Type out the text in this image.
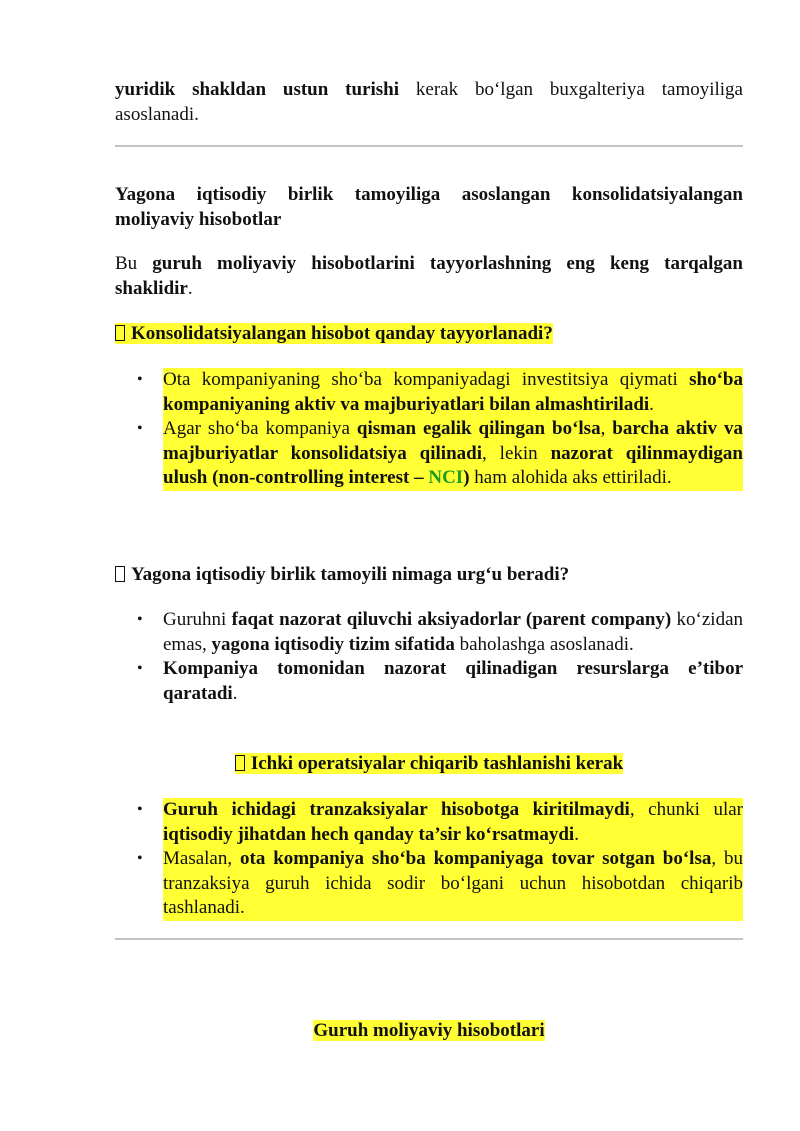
yuridik shakldan ustun turishi kerak bo‘lgan buxgalteriya tamoyiliga asoslanadi.
Yagona iqtisodiy birlik tamoyiliga asoslangan konsolidatsiyalangan moliyaviy hisobotlar
Bu guruh moliyaviy hisobotlarini tayyorlashning eng keng tarqalgan shaklidir.
Konsolidatsiyalangan hisobot qanday tayyorlanadi?
• Ota kompaniyaning sho‘ba kompaniyadagi investitsiya qiymati sho‘ba kompaniyaning aktiv va majburiyatlari bilan almashtiriladi.
• Agar sho‘ba kompaniya qisman egalik qilingan bo‘lsa, barcha aktiv va majburiyatlar konsolidatsiya qilinadi, lekin nazorat qilinmaydigan ulush (non-controlling interest – NCI) ham alohida aks ettiriladi.
Yagona iqtisodiy birlik tamoyili nimaga urg‘u beradi?
• Guruhni faqat nazorat qiluvchi aksiyadorlar (parent company) ko‘zidan emas, yagona iqtisodiy tizim sifatida baholashga asoslanadi.
• Kompaniya tomonidan nazorat qilinadigan resurslarga e’tibor qaratadi.
Ichki operatsiyalar chiqarib tashlanishi kerak
• Guruh ichidagi tranzaksiyalar hisobotga kiritilmaydi, chunki ular iqtisodiy jihatdan hech qanday ta’sir ko‘rsatmaydi.
• Masalan, ota kompaniya sho‘ba kompaniyaga tovar sotgan bo‘lsa, bu tranzaksiya guruh ichida sodir bo‘lgani uchun hisobotdan chiqarib tashlanadi.
Guruh moliyaviy hisobotlari
